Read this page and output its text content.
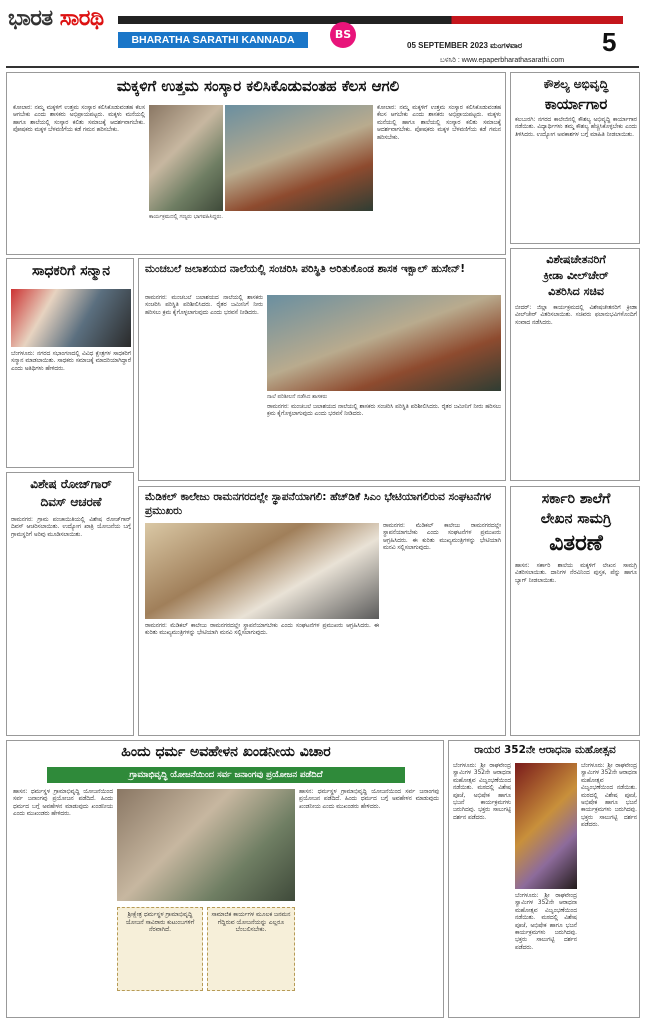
ಭಾರತ ಸಾರಥಿ
BHARATHA SARATHI KANNADA DAILY
BS
05 SEPTEMBER 2023 ಮಂಗಳವಾರ	5
ಬಳಸಿರಿ : www.epaperbharathasarathi.com
ಮಕ್ಕಳಿಗೆ ಉತ್ತಮ ಸಂಸ್ಕಾರ ಕಲಿಸಿಕೊಡುವಂತಹ ಕೆಲಸ ಆಗಲಿ
ಕೋಲಾರ: ನಮ್ಮ ಮಕ್ಕಳಿಗೆ ಉತ್ತಮ ಸಂಸ್ಕಾರ ಕಲಿಸಿಕೊಡುವಂತಹ ಕೆಲಸ ಆಗಬೇಕು ಎಂದು ಶಾಸಕರು ಅಭಿಪ್ರಾಯಪಟ್ಟರು. ಮಕ್ಕಳು ಮನೆಯಲ್ಲಿ ಹಾಗೂ ಶಾಲೆಯಲ್ಲಿ ಸಂಸ್ಕಾರ ಕಲಿತು ಸಮಾಜಕ್ಕೆ ಆದರ್ಶವಾಗಬೇಕು. ಪೋಷಕರು ಮಕ್ಕಳ ಬೆಳವಣಿಗೆಯ ಕಡೆ ಗಮನ ಹರಿಸಬೇಕು.
ಕಾರ್ಯಕ್ರಮದಲ್ಲಿ ಗಣ್ಯರು ಭಾಗವಹಿಸಿದ್ದರು.
ಕೋಲಾರ: ನಮ್ಮ ಮಕ್ಕಳಿಗೆ ಉತ್ತಮ ಸಂಸ್ಕಾರ ಕಲಿಸಿಕೊಡುವಂತಹ ಕೆಲಸ ಆಗಬೇಕು ಎಂದು ಶಾಸಕರು ಅಭಿಪ್ರಾಯಪಟ್ಟರು. ಮಕ್ಕಳು ಮನೆಯಲ್ಲಿ ಹಾಗೂ ಶಾಲೆಯಲ್ಲಿ ಸಂಸ್ಕಾರ ಕಲಿತು ಸಮಾಜಕ್ಕೆ ಆದರ್ಶವಾಗಬೇಕು. ಪೋಷಕರು ಮಕ್ಕಳ ಬೆಳವಣಿಗೆಯ ಕಡೆ ಗಮನ ಹರಿಸಬೇಕು.
ಕೌಶಲ್ಯ ಅಭಿವೃದ್ಧಿ
ಕಾರ್ಯಾಗಾರ
ಕಲಬುರಗಿ: ನಗರದ ಕಾಲೇಜಿನಲ್ಲಿ ಕೌಶಲ್ಯ ಅಭಿವೃದ್ಧಿ ಕಾರ್ಯಾಗಾರ ನಡೆಯಿತು. ವಿದ್ಯಾರ್ಥಿಗಳು ತಮ್ಮ ಕೌಶಲ್ಯ ಹೆಚ್ಚಿಸಿಕೊಳ್ಳಬೇಕು ಎಂದು ತಿಳಿಸಿದರು. ಉದ್ಯೋಗ ಅವಕಾಶಗಳ ಬಗ್ಗೆ ಮಾಹಿತಿ ನೀಡಲಾಯಿತು.
ಸಾಧಕರಿಗೆ ಸನ್ಮಾನ
ಬೆಂಗಳೂರು: ನಗರದ ಸಭಾಂಗಣದಲ್ಲಿ ವಿವಿಧ ಕ್ಷೇತ್ರಗಳ ಸಾಧಕರಿಗೆ ಸನ್ಮಾನ ಮಾಡಲಾಯಿತು. ಸಾಧಕರು ಸಮಾಜಕ್ಕೆ ಮಾದರಿಯಾಗಿದ್ದಾರೆ ಎಂದು ಅತಿಥಿಗಳು ಹೇಳಿದರು.
ಮಂಚಬಲೆ ಜಲಾಶಯದ ನಾಲೆಯಲ್ಲಿ ಸಂಚರಿಸಿ ಪರಿಸ್ಥಿತಿ ಅರಿತುಕೊಂಡ ಶಾಸಕ ಇಕ್ಬಾಲ್ ಹುಸೇನ್!
ರಾಮನಗರ: ಮಂಚಬಲೆ ಜಲಾಶಯದ ನಾಲೆಯಲ್ಲಿ ಶಾಸಕರು ಸಂಚರಿಸಿ ಪರಿಸ್ಥಿತಿ ಪರಿಶೀಲಿಸಿದರು. ರೈತರ ಜಮೀನಿಗೆ ನೀರು ಹರಿಸಲು ಕ್ರಮ ಕೈಗೊಳ್ಳಲಾಗುವುದು ಎಂದು ಭರವಸೆ ನೀಡಿದರು.
ನಾಲೆ ಪರಿಶೀಲನೆ ನಡೆಸಿದ ಶಾಸಕರು
ರಾಮನಗರ: ಮಂಚಬಲೆ ಜಲಾಶಯದ ನಾಲೆಯಲ್ಲಿ ಶಾಸಕರು ಸಂಚರಿಸಿ ಪರಿಸ್ಥಿತಿ ಪರಿಶೀಲಿಸಿದರು. ರೈತರ ಜಮೀನಿಗೆ ನೀರು ಹರಿಸಲು ಕ್ರಮ ಕೈಗೊಳ್ಳಲಾಗುವುದು ಎಂದು ಭರವಸೆ ನೀಡಿದರು.
ವಿಶೇಷಚೇತನರಿಗೆ
ಕ್ರೀಡಾ ವೀಲ್‌ಚೇರ್
ವಿತರಿಸಿದ ಸಚಿವ
ಬೀದರ್: ಜಿಲ್ಲಾ ಕಾರ್ಯಕ್ರಮದಲ್ಲಿ ವಿಶೇಷಚೇತನರಿಗೆ ಕ್ರೀಡಾ ವೀಲ್‌ಚೇರ್ ವಿತರಿಸಲಾಯಿತು. ಸಚಿವರು ಫಲಾನುಭವಿಗಳೊಂದಿಗೆ ಸಂವಾದ ನಡೆಸಿದರು.
ವಿಶೇಷ ರೋಜ್‌ಗಾರ್
ದಿವಸ್ ಆಚರಣೆ
ರಾಮನಗರ: ಗ್ರಾಮ ಪಂಚಾಯಿತಿಯಲ್ಲಿ ವಿಶೇಷ ರೋಜ್‌ಗಾರ್ ದಿವಸ್ ಆಚರಿಸಲಾಯಿತು. ಉದ್ಯೋಗ ಖಾತ್ರಿ ಯೋಜನೆಯ ಬಗ್ಗೆ ಗ್ರಾಮಸ್ಥರಿಗೆ ಅರಿವು ಮೂಡಿಸಲಾಯಿತು.
ಮೆಡಿಕಲ್ ಕಾಲೇಜು ರಾಮನಗರದಲ್ಲೇ ಸ್ಥಾಪನೆಯಾಗಲಿ: ಹೆಚ್‌ಡಿಕೆ ಸಿಎಂ ಭೇಟಿಯಾಗಲಿರುವ ಸಂಘಟನೆಗಳ ಪ್ರಮುಖರು
ರಾಮನಗರ: ಮೆಡಿಕಲ್ ಕಾಲೇಜು ರಾಮನಗರದಲ್ಲೇ ಸ್ಥಾಪನೆಯಾಗಬೇಕು ಎಂದು ಸಂಘಟನೆಗಳ ಪ್ರಮುಖರು ಆಗ್ರಹಿಸಿದರು. ಈ ಕುರಿತು ಮುಖ್ಯಮಂತ್ರಿಗಳನ್ನು ಭೇಟಿಯಾಗಿ ಮನವಿ ಸಲ್ಲಿಸಲಾಗುವುದು.
ರಾಮನಗರ: ಮೆಡಿಕಲ್ ಕಾಲೇಜು ರಾಮನಗರದಲ್ಲೇ ಸ್ಥಾಪನೆಯಾಗಬೇಕು ಎಂದು ಸಂಘಟನೆಗಳ ಪ್ರಮುಖರು ಆಗ್ರಹಿಸಿದರು. ಈ ಕುರಿತು ಮುಖ್ಯಮಂತ್ರಿಗಳನ್ನು ಭೇಟಿಯಾಗಿ ಮನವಿ ಸಲ್ಲಿಸಲಾಗುವುದು.
ಸರ್ಕಾರಿ ಶಾಲೆಗೆ
ಲೇಖನ ಸಾಮಗ್ರಿ
ವಿತರಣೆ
ಹಾಸನ: ಸರ್ಕಾರಿ ಶಾಲೆಯ ಮಕ್ಕಳಿಗೆ ಲೇಖನ ಸಾಮಗ್ರಿ ವಿತರಿಸಲಾಯಿತು. ದಾನಿಗಳ ನೆರವಿನಿಂದ ಪುಸ್ತಕ, ಪೆನ್ನು ಹಾಗೂ ಬ್ಯಾಗ್ ನೀಡಲಾಯಿತು.
ಹಿಂದು ಧರ್ಮ ಅವಹೇಳನ ಖಂಡನೀಯ ವಿಚಾರ
ಗ್ರಾಮಾಭಿವೃದ್ಧಿ ಯೋಜನೆಯಿಂದ ಸರ್ವ ಜನಾಂಗವು ಪ್ರಯೋಜನ ಪಡೆದಿದೆ
ಹಾಸನ: ಧರ್ಮಸ್ಥಳ ಗ್ರಾಮಾಭಿವೃದ್ಧಿ ಯೋಜನೆಯಿಂದ ಸರ್ವ ಜನಾಂಗವು ಪ್ರಯೋಜನ ಪಡೆದಿದೆ. ಹಿಂದು ಧರ್ಮದ ಬಗ್ಗೆ ಅವಹೇಳನ ಮಾಡುವುದು ಖಂಡನೀಯ ಎಂದು ಮುಖಂಡರು ಹೇಳಿದರು.
ಶ್ರೀಕ್ಷೇತ್ರ ಧರ್ಮಸ್ಥಳ ಗ್ರಾಮಾಭಿವೃದ್ಧಿ ಯೋಜನೆ ಸಾವಿರಾರು ಕುಟುಂಬಗಳಿಗೆ ನೆರವಾಗಿದೆ.
ಸಾಮಾಜಿಕ ಕಾರ್ಯಗಳ ಮೂಲಕ ಜನಮನ ಗೆದ್ದಿರುವ ಯೋಜನೆಯನ್ನು ಎಲ್ಲರೂ ಬೆಂಬಲಿಸಬೇಕು.
ಹಾಸನ: ಧರ್ಮಸ್ಥಳ ಗ್ರಾಮಾಭಿವೃದ್ಧಿ ಯೋಜನೆಯಿಂದ ಸರ್ವ ಜನಾಂಗವು ಪ್ರಯೋಜನ ಪಡೆದಿದೆ. ಹಿಂದು ಧರ್ಮದ ಬಗ್ಗೆ ಅವಹೇಳನ ಮಾಡುವುದು ಖಂಡನೀಯ ಎಂದು ಮುಖಂಡರು ಹೇಳಿದರು.
ರಾಯರ 352ನೇ ಆರಾಧನಾ ಮಹೋತ್ಸವ
ಬೆಂಗಳೂರು: ಶ್ರೀ ರಾಘವೇಂದ್ರ ಸ್ವಾಮಿಗಳ 352ನೇ ಆರಾಧನಾ ಮಹೋತ್ಸವ ವಿಜೃಂಭಣೆಯಿಂದ ನಡೆಯಿತು. ಮಠದಲ್ಲಿ ವಿಶೇಷ ಪೂಜೆ, ಅಭಿಷೇಕ ಹಾಗೂ ಭಜನೆ ಕಾರ್ಯಕ್ರಮಗಳು ಜರುಗಿದವು. ಭಕ್ತರು ಸಾಲುಗಟ್ಟಿ ದರ್ಶನ ಪಡೆದರು.
ಬೆಂಗಳೂರು: ಶ್ರೀ ರಾಘವೇಂದ್ರ ಸ್ವಾಮಿಗಳ 352ನೇ ಆರಾಧನಾ ಮಹೋತ್ಸವ ವಿಜೃಂಭಣೆಯಿಂದ ನಡೆಯಿತು. ಮಠದಲ್ಲಿ ವಿಶೇಷ ಪೂಜೆ, ಅಭಿಷೇಕ ಹಾಗೂ ಭಜನೆ ಕಾರ್ಯಕ್ರಮಗಳು ಜರುಗಿದವು. ಭಕ್ತರು ಸಾಲುಗಟ್ಟಿ ದರ್ಶನ ಪಡೆದರು.
ಬೆಂಗಳೂರು: ಶ್ರೀ ರಾಘವೇಂದ್ರ ಸ್ವಾಮಿಗಳ 352ನೇ ಆರಾಧನಾ ಮಹೋತ್ಸವ ವಿಜೃಂಭಣೆಯಿಂದ ನಡೆಯಿತು. ಮಠದಲ್ಲಿ ವಿಶೇಷ ಪೂಜೆ, ಅಭಿಷೇಕ ಹಾಗೂ ಭಜನೆ ಕಾರ್ಯಕ್ರಮಗಳು ಜರುಗಿದವು. ಭಕ್ತರು ಸಾಲುಗಟ್ಟಿ ದರ್ಶನ ಪಡೆದರು.
